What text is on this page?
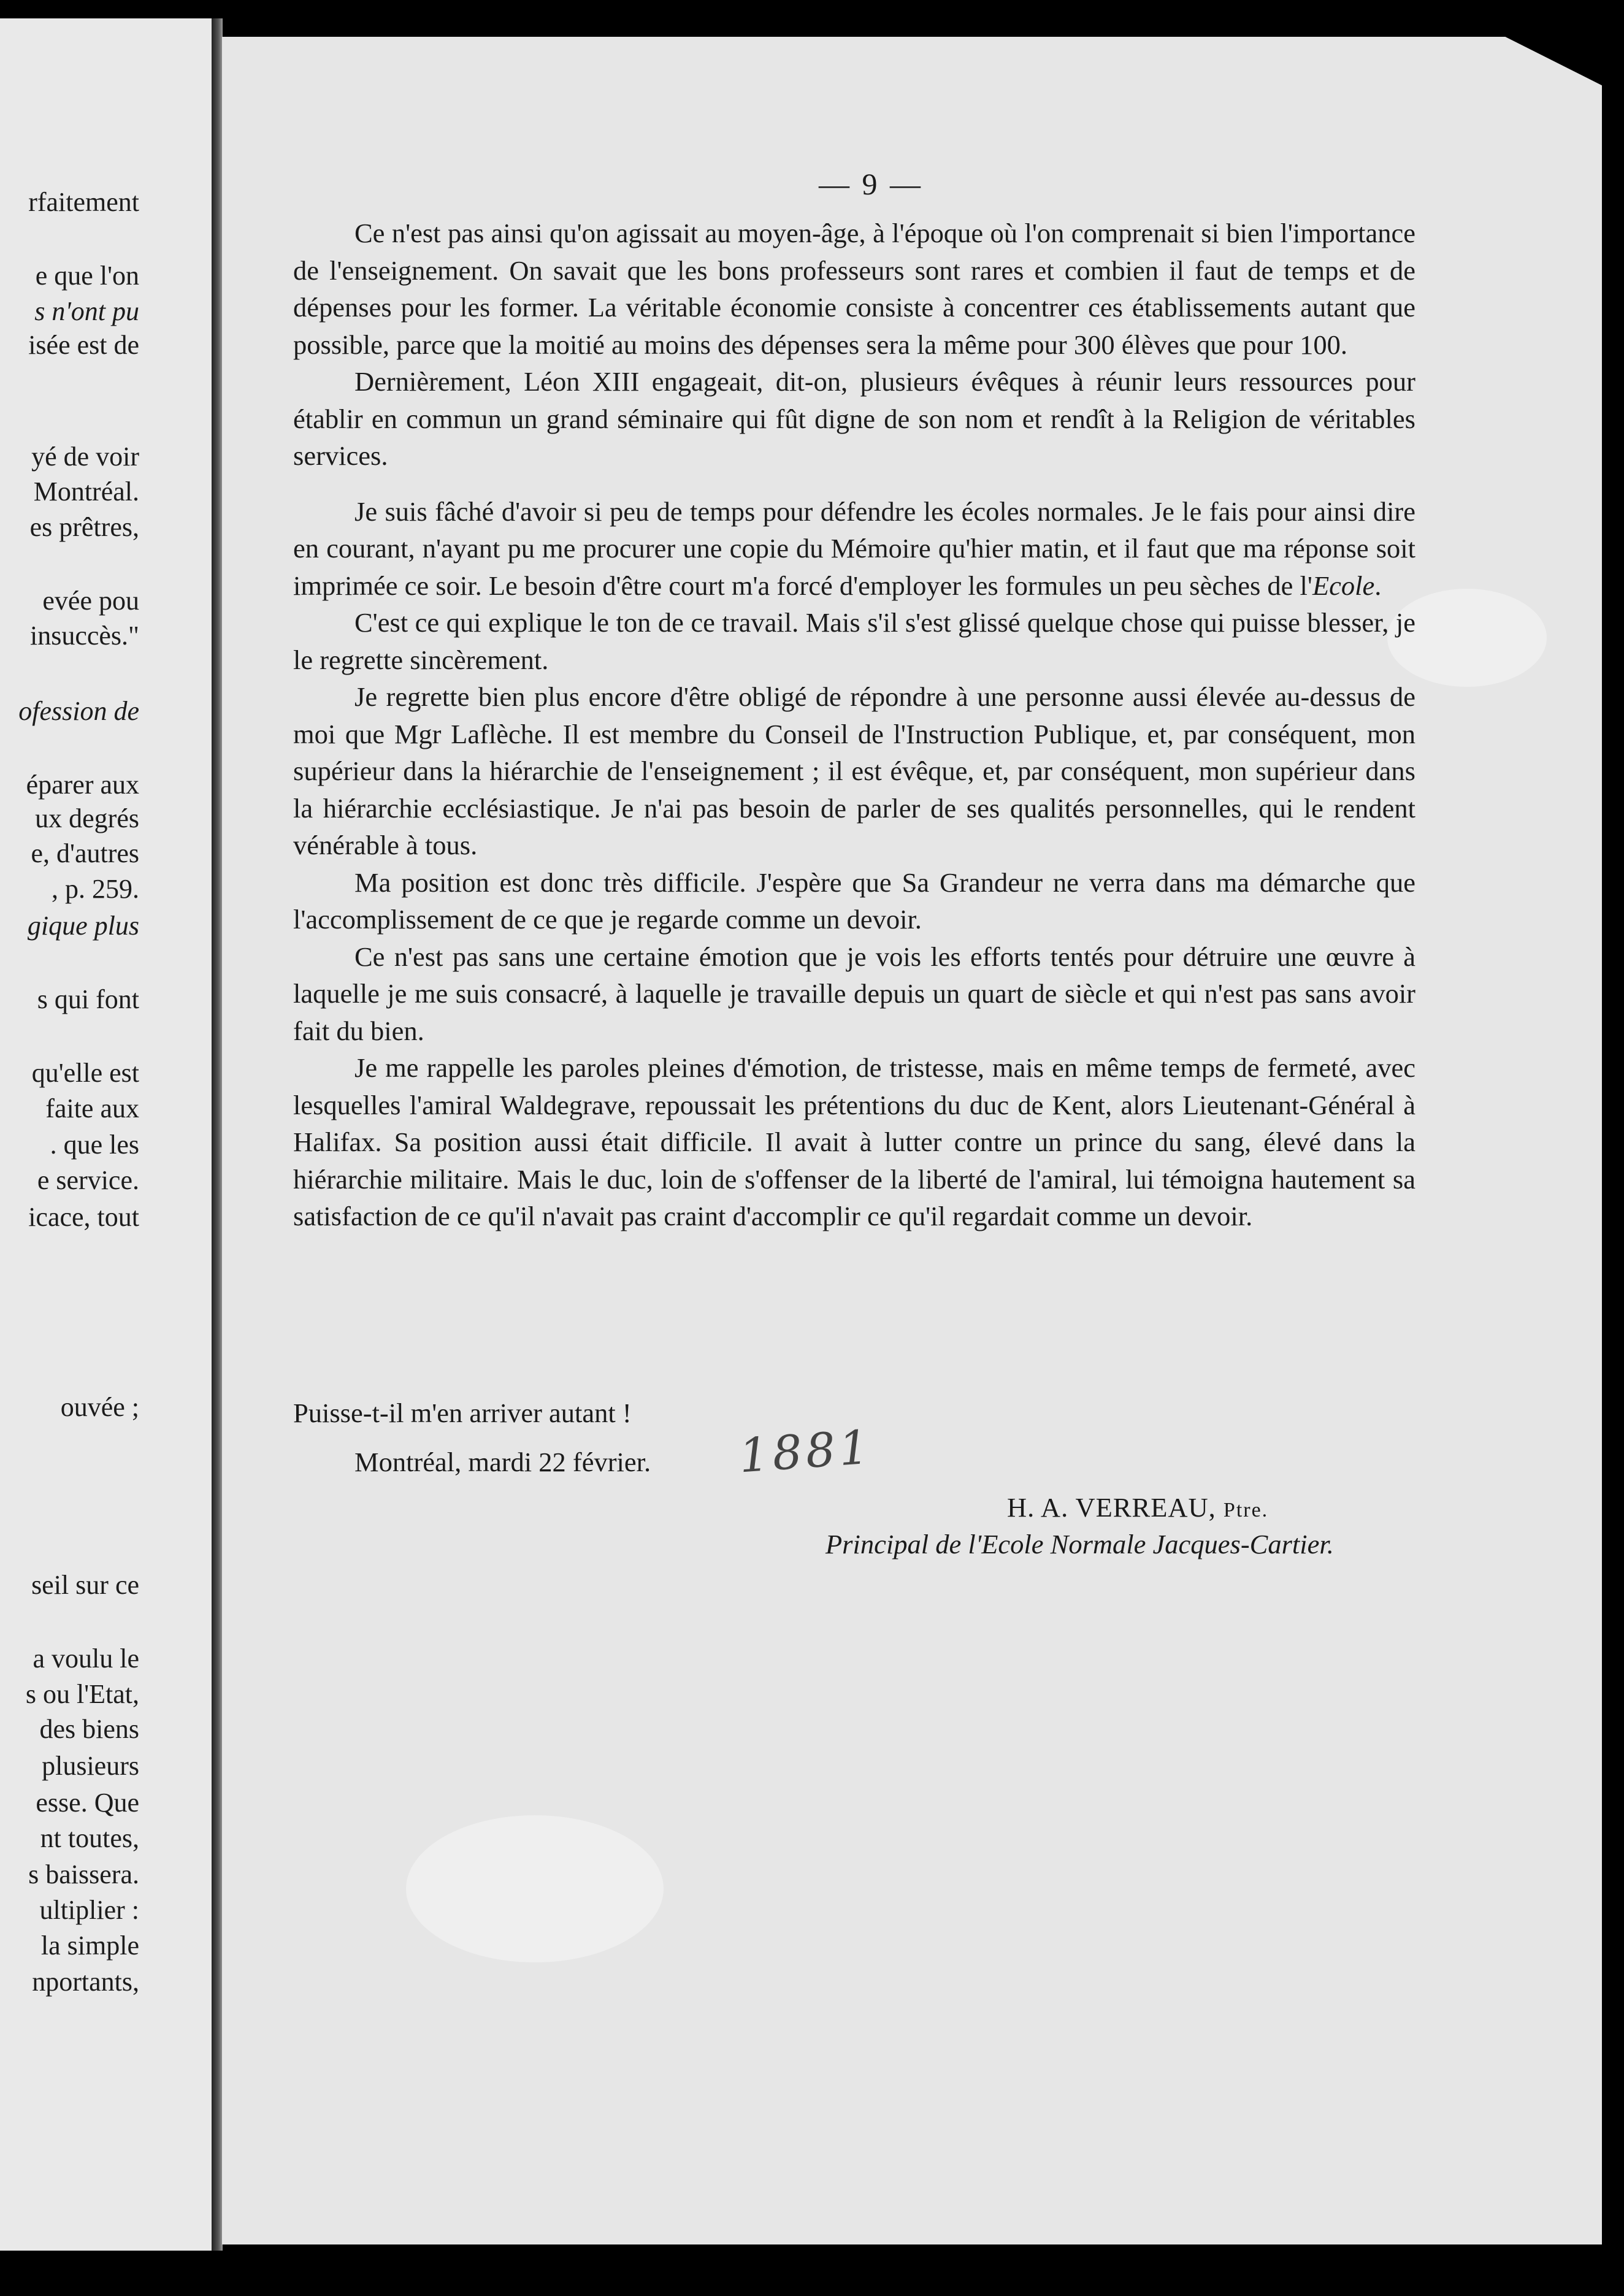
rfaitement
e que l'on
s n'ont pu
isée est de
yé de voir
Montréal.
es prêtres,
evée pou
insuccès."
ofession de
éparer aux
ux degrés
e, d'autres
, p. 259.
gique plus
s qui font
qu'elle est
faite aux
. que les
e service.
icace, tout
ouvée ;
seil sur ce
a voulu le
s ou l'Etat,
des biens
plusieurs
esse. Que
nt toutes,
s baissera.
ultiplier :
la simple
nportants,
— 9 —

Ce n'est pas ainsi qu'on agissait au moyen-âge, à l'époque où l'on comprenait si bien l'importance de l'enseignement. On savait que les bons professeurs sont rares et combien il faut de temps et de dépenses pour les former. La véritable économie consiste à concentrer ces établissements autant que possible, parce que la moitié au moins des dépenses sera la même pour 300 élèves que pour 100.

Dernièrement, Léon XIII engageait, dit-on, plusieurs évêques à réunir leurs ressources pour établir en commun un grand séminaire qui fût digne de son nom et rendît à la Religion de véritables services.

Je suis fâché d'avoir si peu de temps pour défendre les écoles normales. Je le fais pour ainsi dire en courant, n'ayant pu me procurer une copie du Mémoire qu'hier matin, et il faut que ma réponse soit imprimée ce soir. Le besoin d'être court m'a forcé d'employer les formules un peu sèches de l'Ecole.

C'est ce qui explique le ton de ce travail. Mais s'il s'est glissé quelque chose qui puisse blesser, je le regrette sincèrement.

Je regrette bien plus encore d'être obligé de répondre à une personne aussi élevée au-dessus de moi que Mgr Laflèche. Il est membre du Conseil de l'Instruction Publique, et, par conséquent, mon supérieur dans la hiérarchie de l'enseignement ; il est évêque, et, par conséquent, mon supérieur dans la hiérarchie ecclésiastique. Je n'ai pas besoin de parler de ses qualités personnelles, qui le rendent vénérable à tous.

Ma position est donc très difficile. J'espère que Sa Grandeur ne verra dans ma démarche que l'accomplissement de ce que je regarde comme un devoir.

Ce n'est pas sans une certaine émotion que je vois les efforts tentés pour détruire une œuvre à laquelle je me suis consacré, à laquelle je travaille depuis un quart de siècle et qui n'est pas sans avoir fait du bien.

Je me rappelle les paroles pleines d'émotion, de tristesse, mais en même temps de fermeté, avec lesquelles l'amiral Waldegrave, repoussait les prétentions du duc de Kent, alors Lieutenant-Général à Halifax. Sa position aussi était difficile. Il avait à lutter contre un prince du sang, élevé dans la hiérarchie militaire. Mais le duc, loin de s'offenser de la liberté de l'amiral, lui témoigna hautement sa satisfaction de ce qu'il n'avait pas craint d'accomplir ce qu'il regardait comme un devoir.

Puisse-t-il m'en arriver autant !
Montréal, mardi 22 février. 1881
H. A. VERREAU, Ptre.
Principal de l'Ecole Normale Jacques-Cartier.
